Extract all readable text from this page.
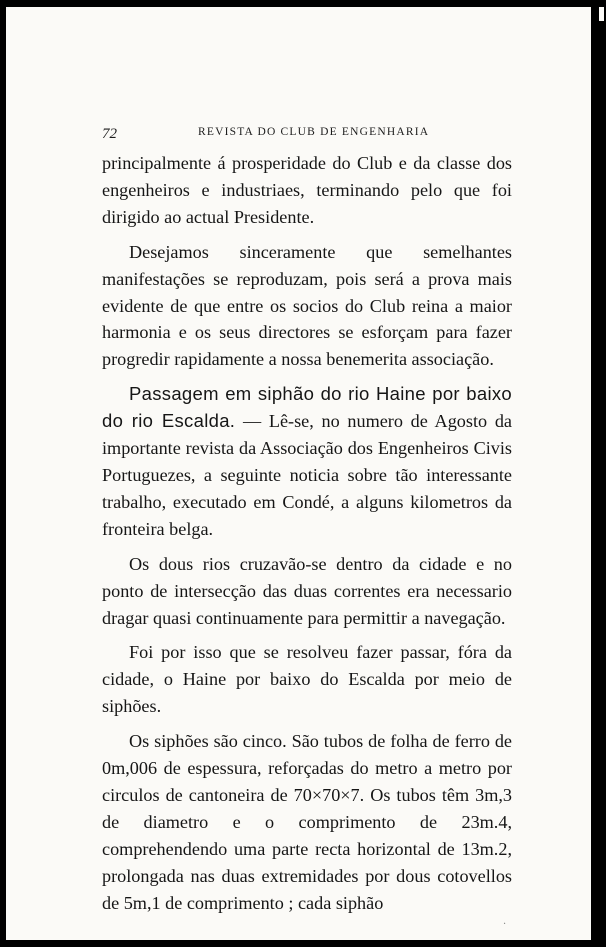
72	REVISTA DO CLUB DE ENGENHARIA

principalmente á prosperidade do Club e da classe dos engenheiros e industriaes, terminando pelo que foi dirigido ao actual Presidente.

Desejamos sinceramente que semelhantes manifestações se reproduzam, pois será a prova mais evidente de que entre os socios do Club reina a maior harmonia e os seus directores se esforçam para fazer progredir rapidamente a nossa benemerita associação.

Passagem em siphão do rio Haine por baixo do rio Escalda. — Lê-se, no numero de Agosto da importante revista da Associação dos Engenheiros Civis Portuguezes, a seguinte noticia sobre tão interessante trabalho, executado em Condé, a alguns kilometros da fronteira belga.

Os dous rios cruzavão-se dentro da cidade e no ponto de intersecção das duas correntes era necessario dragar quasi continuamente para permittir a navegação.

Foi por isso que se resolveu fazer passar, fóra da cidade, o Haine por baixo do Escalda por meio de siphões.

Os siphões são cinco. São tubos de folha de ferro de 0m,006 de espessura, reforçadas do metro a metro por circulos de cantoneira de 70×70×7. Os tubos têm 3m,3 de diametro e o comprimento de 23m.4, comprehendendo uma parte recta horizontal de 13m.2, prolongada nas duas extremidades por dous cotovellos de 5m,1 de comprimento ; cada siphão

·
